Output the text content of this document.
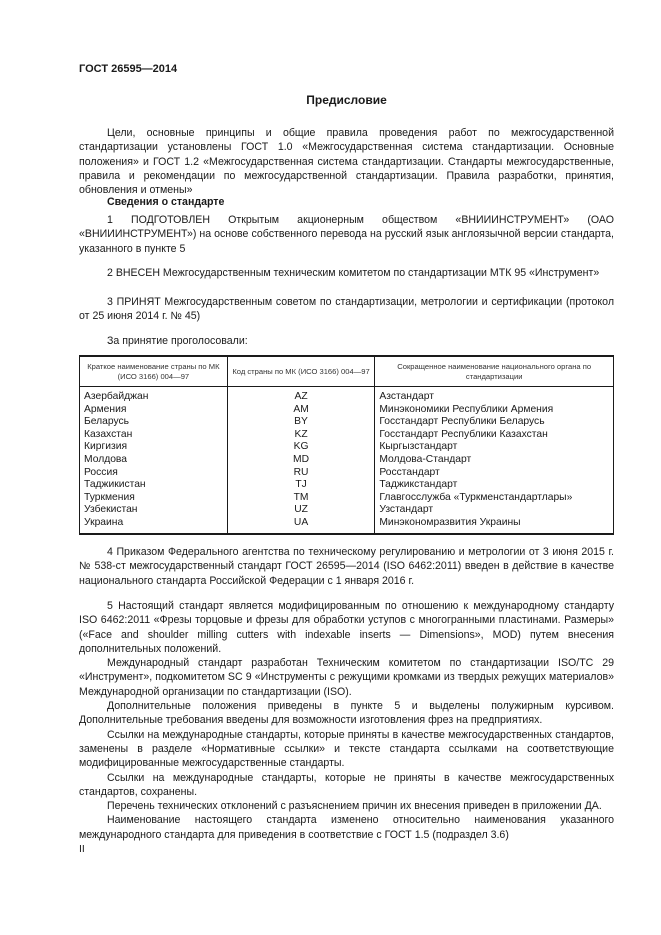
ГОСТ 26595—2014
Предисловие

Цели, основные принципы и общие правила проведения работ по межгосударственной стандартизации установлены ГОСТ 1.0 «Межгосударственная система стандартизации. Основные положения» и ГОСТ 1.2 «Межгосударственная система стандартизации. Стандарты межгосударственные, правила и рекомендации по межгосударственной стандартизации. Правила разработки, принятия, обновления и отмены»

Сведения о стандарте

1 ПОДГОТОВЛЕН Открытым акционерным обществом «ВНИИИНСТРУМЕНТ» (ОАО «ВНИИИНСТРУМЕНТ») на основе собственного перевода на русский язык англоязычной версии стандарта, указанного в пункте 5

2 ВНЕСЕН Межгосударственным техническим комитетом по стандартизации МТК 95 «Инструмент»

3 ПРИНЯТ Межгосударственным советом по стандартизации, метрологии и сертификации (протокол от 25 июня 2014 г. № 45)

За принятие проголосовали:

Краткое наименование страны по МК (ИСО 3166) 004—97	Код страны по МК (ИСО 3166) 004—97	Сокращенное наименование национального органа по стандартизации
Азербайджан	AZ	Азстандарт
Армения	AM	Минэкономики Республики Армения
Беларусь	BY	Госстандарт Республики Беларусь
Казахстан	KZ	Госстандарт Республики Казахстан
Киргизия	KG	Кыргызстандарт
Молдова	MD	Молдова-Стандарт
Россия	RU	Росстандарт
Таджикистан	TJ	Таджикстандарт
Туркмения	TM	Главгосслужба «Туркменстандартлары»
Узбекистан	UZ	Узстандарт
Украина	UA	Минэкономразвития Украины

4 Приказом Федерального агентства по техническому регулированию и метрологии от 3 июня 2015 г. № 538-ст межгосударственный стандарт ГОСТ 26595—2014 (ISO 6462:2011) введен в действие в качестве национального стандарта Российской Федерации с 1 января 2016 г.

5 Настоящий стандарт является модифицированным по отношению к международному стандарту ISO 6462:2011 «Фрезы торцовые и фрезы для обработки уступов с многогранными пластинами. Размеры» («Face and shoulder milling cutters with indexable inserts — Dimensions», MOD) путем внесения дополнительных положений.

Международный стандарт разработан Техническим комитетом по стандартизации ISO/TC 29 «Инструмент», подкомитетом SC 9 «Инструменты с режущими кромками из твердых режущих материалов» Международной организации по стандартизации (ISO).

Дополнительные положения приведены в пункте 5 и выделены полужирным курсивом. Дополнительные требования введены для возможности изготовления фрез на предприятиях.

Ссылки на международные стандарты, которые приняты в качестве межгосударственных стандартов, заменены в разделе «Нормативные ссылки» и тексте стандарта ссылками на соответствующие модифицированные межгосударственные стандарты.

Ссылки на международные стандарты, которые не приняты в качестве межгосударственных стандартов, сохранены.

Перечень технических отклонений с разъяснением причин их внесения приведен в приложении ДА.

Наименование настоящего стандарта изменено относительно наименования указанного международного стандарта для приведения в соответствие с ГОСТ 1.5 (подраздел 3.6)

II
